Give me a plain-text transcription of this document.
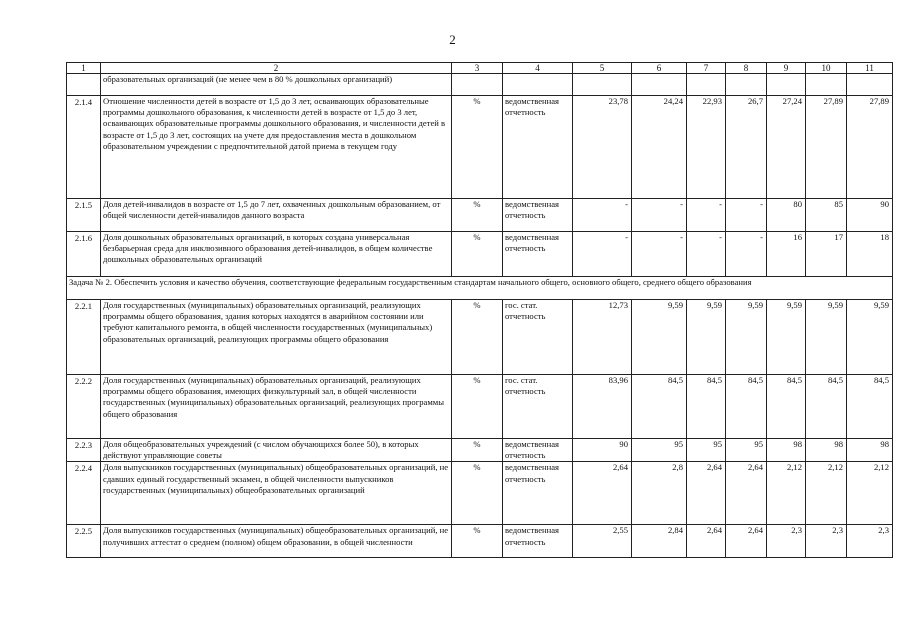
2
1	2	3	4	5	6	7	8	9	10	11
	образовательных организаций (не менее чем в 80 % дошкольных организаций)									
2.1.4	Отношение численности детей в возрасте от 1,5 до 3 лет, осваивающих образовательные программы дошкольного образования, к численности детей в возрасте от 1,5 до 3 лет, осваивающих образовательные программы дошкольного образования, и численности детей в возрасте от 1,5 до 3 лет, состоящих на учете для предоставления места в дошкольном образовательном учреждении с предпочтительной датой приема в текущем году	%	ведомственная отчетность	23,78	24,24	22,93	26,7	27,24	27,89	27,89
2.1.5	Доля детей-инвалидов в возрасте от 1,5 до 7 лет, охваченных дошкольным образованием, от общей численности детей-инвалидов данного возраста	%	ведомственная отчетность	-	-	-	-	80	85	90
2.1.6	Доля дошкольных образовательных организаций, в которых создана универсальная безбарьерная среда для инклюзивного образования детей-инвалидов, в общем количестве дошкольных образовательных организаций	%	ведомственная отчетность	-	-	-	-	16	17	18
Задача № 2. Обеспечить условия и качество обучения, соответствующие федеральным государственным стандартам начального общего, основного общего, среднего общего образования										
2.2.1	Доля государственных (муниципальных) образовательных организаций, реализующих программы общего образования, здания которых находятся в аварийном состоянии или требуют капитального ремонта, в общей численности государственных (муниципальных) образовательных организаций, реализующих программы общего образования	%	гос. стат. отчетность	12,73	9,59	9,59	9,59	9,59	9,59	9,59
2.2.2	Доля государственных (муниципальных) образовательных организаций, реализующих программы общего образования, имеющих физкультурный зал, в общей численности государственных (муниципальных) образовательных организаций, реализующих программы общего образования	%	гос. стат. отчетность	83,96	84,5	84,5	84,5	84,5	84,5	84,5
2.2.3	Доля общеобразовательных учреждений (с числом обучающихся более 50), в которых действуют управляющие советы	%	ведомственная отчетность	90	95	95	95	98	98	98
2.2.4	Доля выпускников государственных (муниципальных) общеобразовательных организаций, не сдавших единый государственный экзамен, в общей численности выпускников государственных (муниципальных) общеобразовательных организаций	%	ведомственная отчетность	2,64	2,8	2,64	2,64	2,12	2,12	2,12
2.2.5	Доля выпускников государственных (муниципальных) общеобразовательных организаций, не получивших аттестат о среднем (полном) общем образовании, в общей численности	%	ведомственная отчетность	2,55	2,84	2,64	2,64	2,3	2,3	2,3
